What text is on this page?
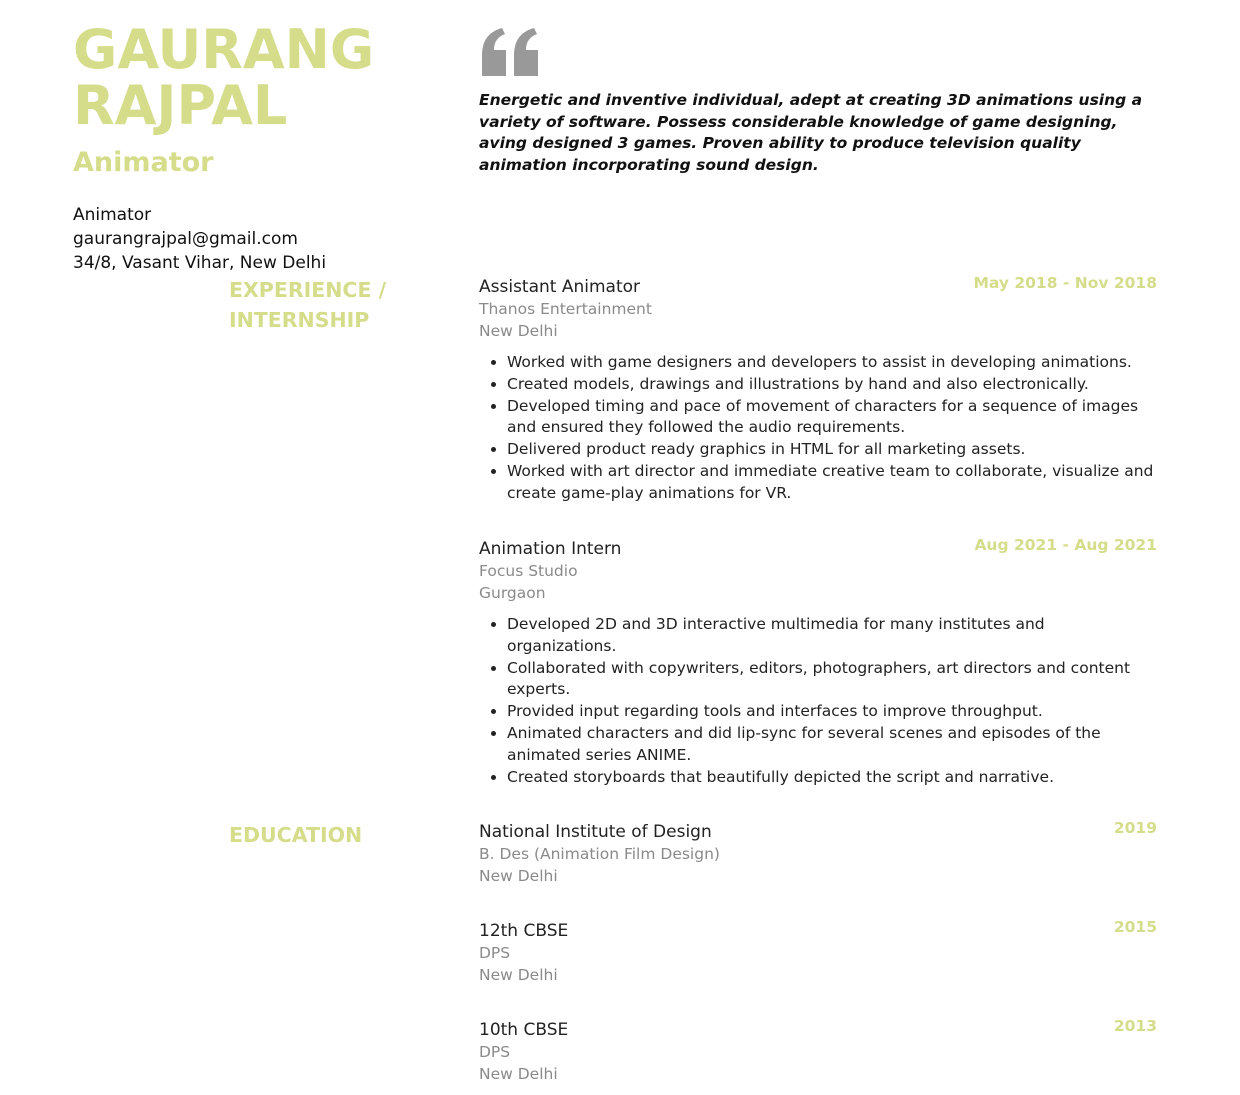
GAURANG
RAJPAL
Animator
Animator
gaurangrajpal@gmail.com
34/8, Vasant Vihar, New Delhi

Energetic and inventive individual, adept at creating 3D animations using a variety of software. Possess considerable knowledge of game designing, aving designed 3 games. Proven ability to produce television quality animation incorporating sound design.

EXPERIENCE /
INTERNSHIP
EDUCATION
Assistant Animator	May 2018 - Nov 2018
Thanos Entertainment
New Delhi
• Worked with game designers and developers to assist in developing animations.
• Created models, drawings and illustrations by hand and also electronically.
• Developed timing and pace of movement of characters for a sequence of images and ensured they followed the audio requirements.
• Delivered product ready graphics in HTML for all marketing assets.
• Worked with art director and immediate creative team to collaborate, visualize and create game-play animations for VR.
Animation Intern	Aug 2021 - Aug 2021
Focus Studio
Gurgaon
• Developed 2D and 3D interactive multimedia for many institutes and organizations.
• Collaborated with copywriters, editors, photographers, art directors and content experts.
• Provided input regarding tools and interfaces to improve throughput.
• Animated characters and did lip-sync for several scenes and episodes of the animated series ANIME.
• Created storyboards that beautifully depicted the script and narrative.
National Institute of Design	2019
B. Des (Animation Film Design)
New Delhi
12th CBSE	2015
DPS
New Delhi
10th CBSE	2013
DPS
New Delhi
